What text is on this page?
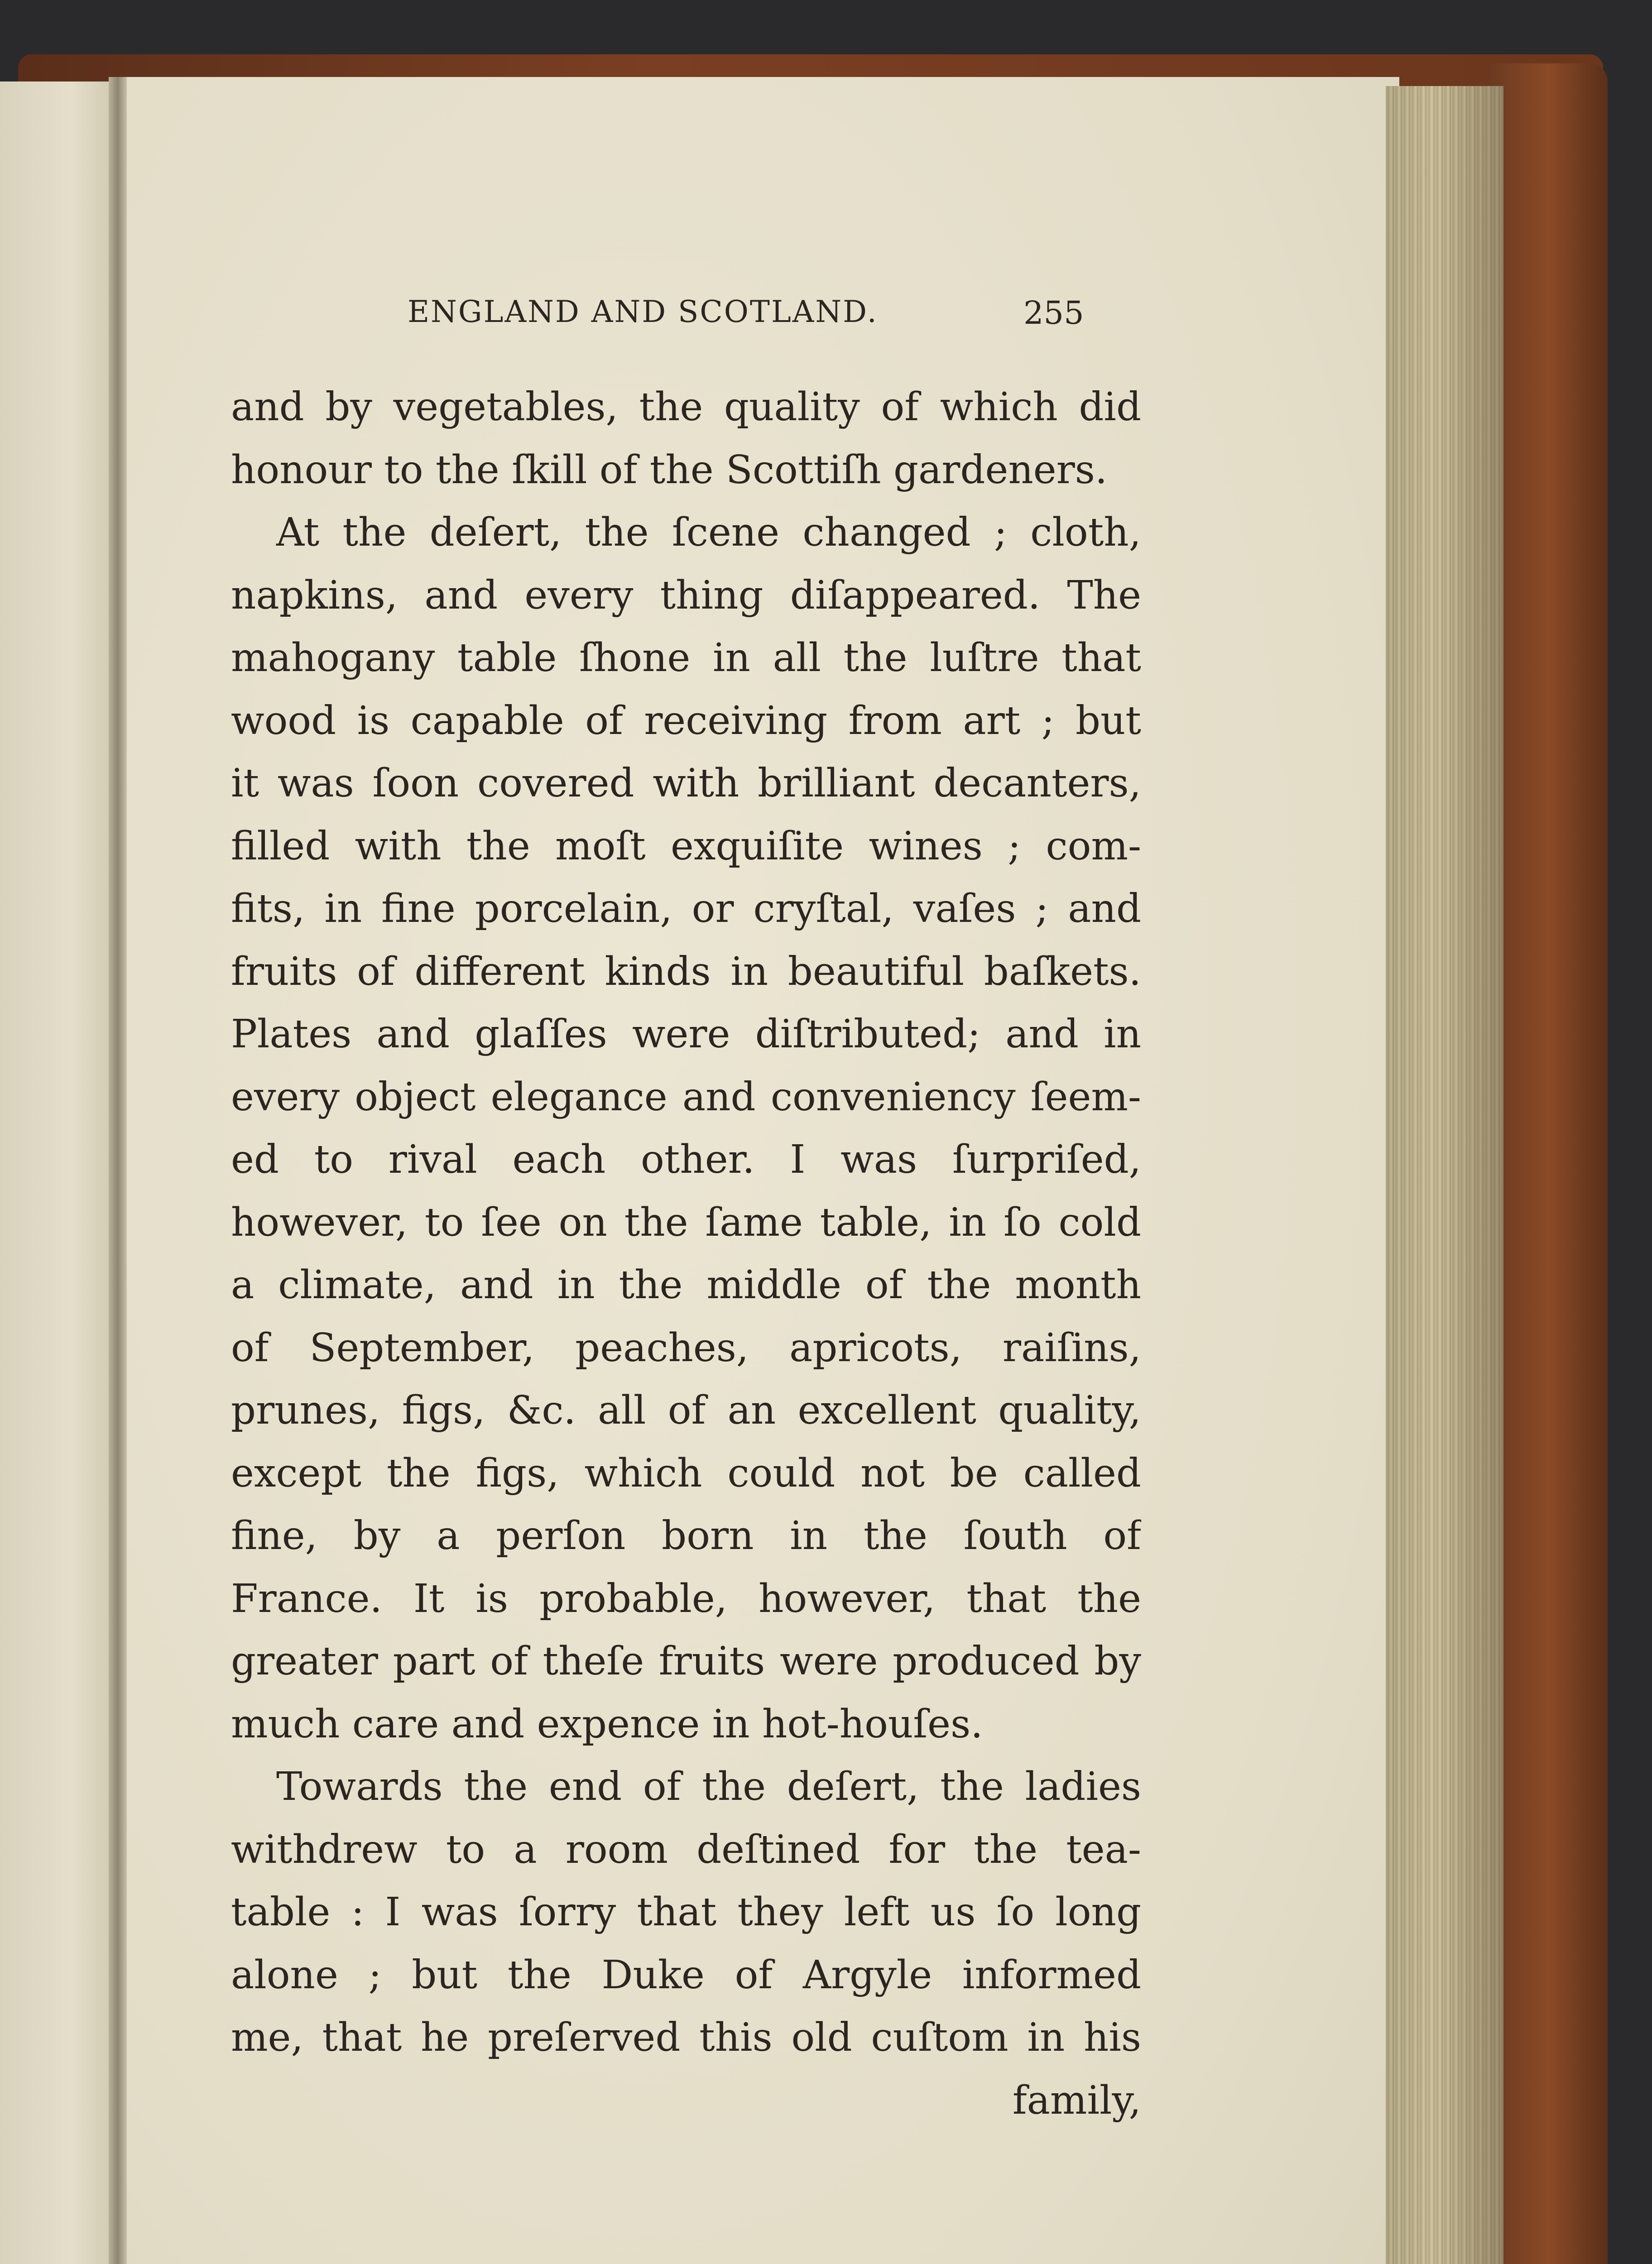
ENGLAND AND SCOTLAND.	255
and by vegetables, the quality of which did
honour to the ſkill of the Scottiſh gardeners.
At the deſert, the ſcene changed ; cloth,
napkins, and every thing diſappeared. The
mahogany table ſhone in all the luſtre that
wood is capable of receiving from art ; but
it was ſoon covered with brilliant decanters,
filled with the moſt exquiſite wines ; com-
fits, in fine porcelain, or cryſtal, vaſes ; and
fruits of different kinds in beautiful baſkets.
Plates and glaſſes were diſtributed; and in
every object elegance and conveniency ſeem-
ed to rival each other. I was ſurpriſed,
however, to ſee on the ſame table, in ſo cold
a climate, and in the middle of the month
of September, peaches, apricots, raiſins,
prunes, figs, &c. all of an excellent quality,
except the figs, which could not be called
fine, by a perſon born in the ſouth of
France. It is probable, however, that the
greater part of theſe fruits were produced by
much care and expence in hot-houſes.
Towards the end of the deſert, the ladies
withdrew to a room deſtined for the tea-
table : I was ſorry that they left us ſo long
alone ; but the Duke of Argyle informed
me, that he preſerved this old cuſtom in his
family,
